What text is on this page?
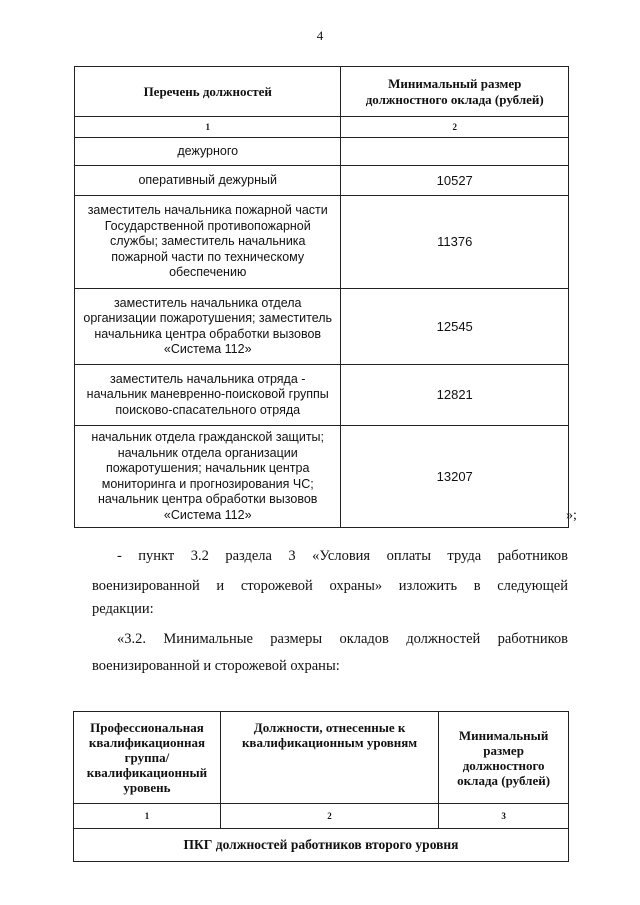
4
Перечень должностей	Минимальный размер должностного оклада (рублей)
1	2
дежурного	
оперативный дежурный	10527
заместитель начальника пожарной части Государственной противопожарной службы; заместитель начальника пожарной части по техническому обеспечению	11376
заместитель начальника отдела организации пожаротушения; заместитель начальника центра обработки вызовов «Система 112»	12545
заместитель начальника отряда - начальник маневренно-поисковой группы поисково-спасательного отряда	12821
начальник отдела гражданской защиты; начальник отдела организации пожаротушения; начальник центра мониторинга и прогнозирования ЧС; начальник центра обработки вызовов «Система 112»	13207
»;
- пункт 3.2 раздела 3 «Условия оплаты труда работников
военизированной и сторожевой охраны» изложить в следующей
редакции:
«3.2. Минимальные размеры окладов должностей работников
военизированной и сторожевой охраны:
Профессиональная квалификационная группа/ квалификационный уровень	Должности, отнесенные к квалификационным уровням	Минимальный размер должностного оклада (рублей)
1	2	3
ПКГ должностей работников второго уровня		
